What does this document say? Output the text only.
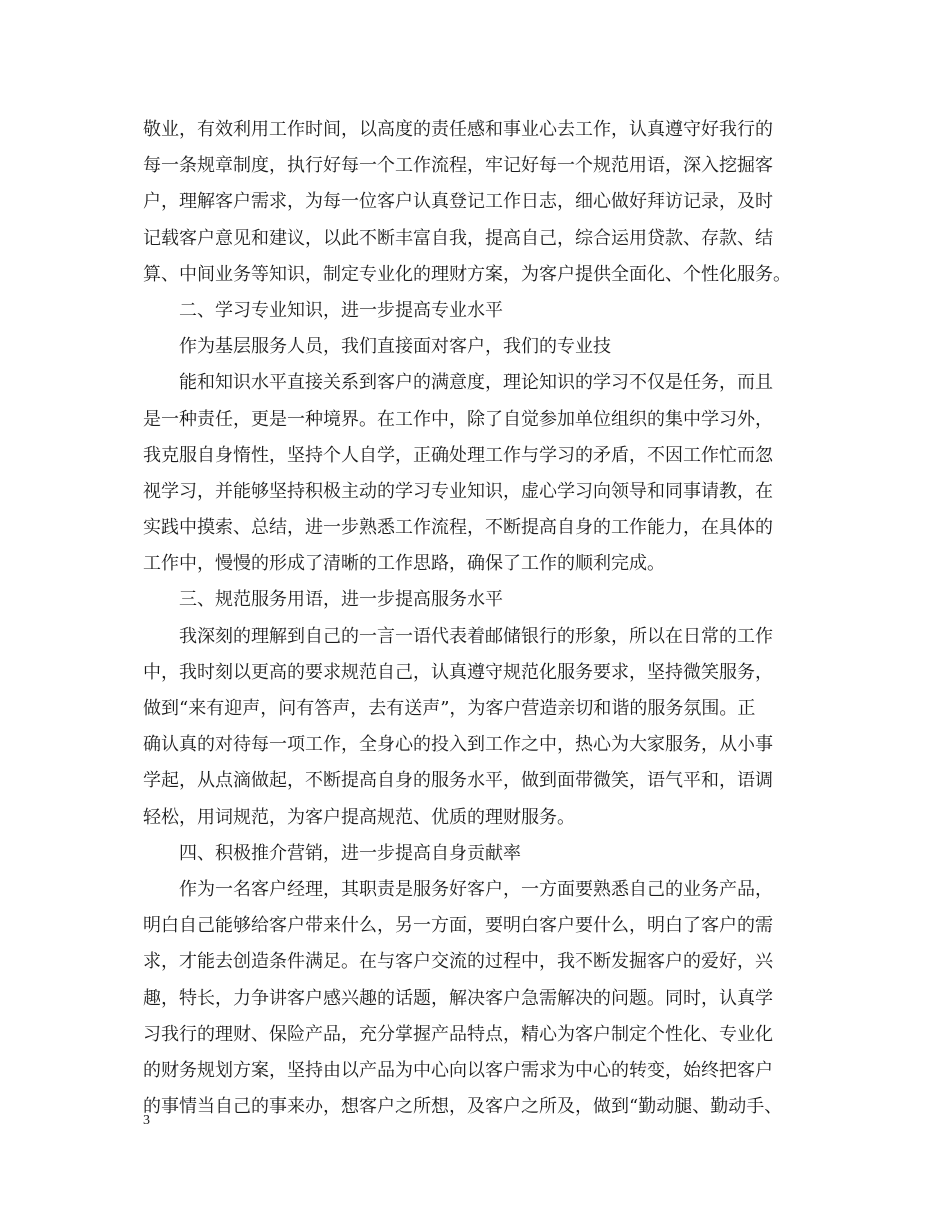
敬业，有效利用工作时间，以高度的责任感和事业心去工作，认真遵守好我行的
每一条规章制度，执行好每一个工作流程，牢记好每一个规范用语，深入挖掘客
户，理解客户需求，为每一位客户认真登记工作日志，细心做好拜访记录，及时
记载客户意见和建议，以此不断丰富自我，提高自己，综合运用贷款、存款、结
算、中间业务等知识，制定专业化的理财方案，为客户提供全面化、个性化服务。
二、学习专业知识，进一步提高专业水平
作为基层服务人员，我们直接面对客户，我们的专业技
能和知识水平直接关系到客户的满意度，理论知识的学习不仅是任务，而且
是一种责任，更是一种境界。在工作中，除了自觉参加单位组织的集中学习外，
我克服自身惰性，坚持个人自学，正确处理工作与学习的矛盾，不因工作忙而忽
视学习，并能够坚持积极主动的学习专业知识，虚心学习向领导和同事请教，在
实践中摸索、总结，进一步熟悉工作流程，不断提高自身的工作能力，在具体的
工作中，慢慢的形成了清晰的工作思路，确保了工作的顺利完成。
三、规范服务用语，进一步提高服务水平
我深刻的理解到自己的一言一语代表着邮储银行的形象，所以在日常的工作
中，我时刻以更高的要求规范自己，认真遵守规范化服务要求，坚持微笑服务，
做到“来有迎声，问有答声，去有送声”，为客户营造亲切和谐的服务氛围。正
确认真的对待每一项工作，全身心的投入到工作之中，热心为大家服务，从小事
学起，从点滴做起，不断提高自身的服务水平，做到面带微笑，语气平和，语调
轻松，用词规范，为客户提高规范、优质的理财服务。
四、积极推介营销，进一步提高自身贡献率
作为一名客户经理，其职责是服务好客户，一方面要熟悉自己的业务产品，
明白自己能够给客户带来什么，另一方面，要明白客户要什么，明白了客户的需
求，才能去创造条件满足。在与客户交流的过程中，我不断发掘客户的爱好，兴
趣，特长，力争讲客户感兴趣的话题，解决客户急需解决的问题。同时，认真学
习我行的理财、保险产品，充分掌握产品特点，精心为客户制定个性化、专业化
的财务规划方案，坚持由以产品为中心向以客户需求为中心的转变，始终把客户
的事情当自己的事来办，想客户之所想，及客户之所及，做到“勤动腿、勤动手、
3
